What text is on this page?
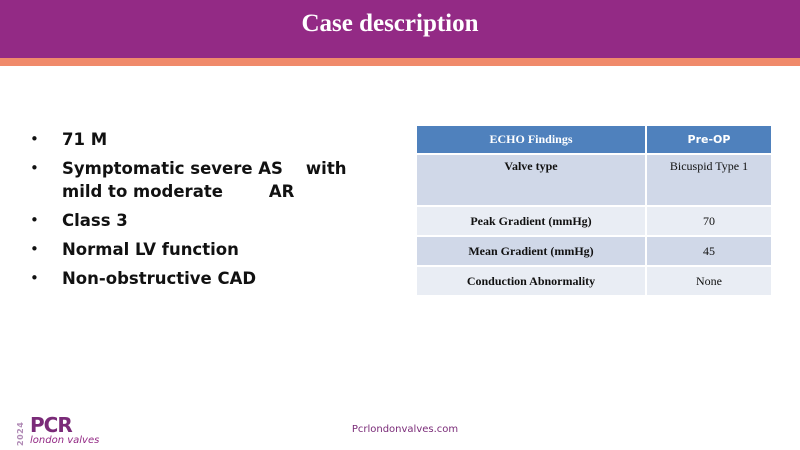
Case description
• 71 M
• Symptomatic severe AS    with mild to moderate        AR
• Class 3
• Normal LV function
• Non-obstructive CAD
ECHO Findings	Pre-OP
Valve type	Bicuspid Type 1
Peak Gradient (mmHg)	70
Mean Gradient (mmHg)	45
Conduction Abnormality	None
2024 PCR
london valves
Pcrlondonvalves.com
